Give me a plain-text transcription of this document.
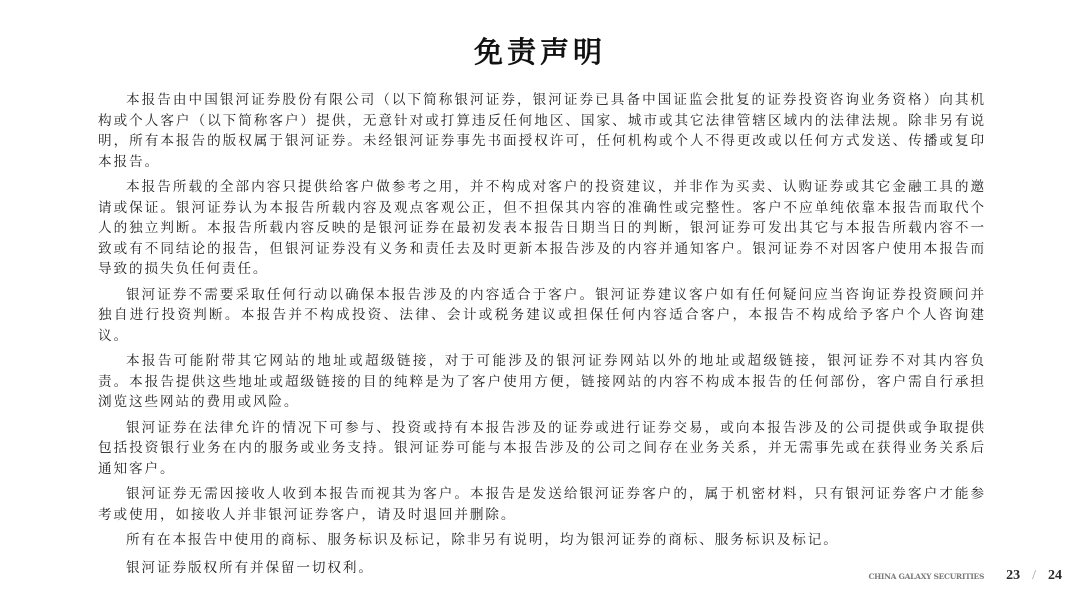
免责声明

本报告由中国银河证券股份有限公司（以下简称银河证券，银河证券已具备中国证监会批复的证券投资咨询业务资格）向其机构或个人客户（以下简称客户）提供，无意针对或打算违反任何地区、国家、城市或其它法律管辖区域内的法律法规。除非另有说明，所有本报告的版权属于银河证券。未经银河证券事先书面授权许可，任何机构或个人不得更改或以任何方式发送、传播或复印本报告。

本报告所载的全部内容只提供给客户做参考之用，并不构成对客户的投资建议，并非作为买卖、认购证券或其它金融工具的邀请或保证。银河证券认为本报告所载内容及观点客观公正，但不担保其内容的准确性或完整性。客户不应单纯依靠本报告而取代个人的独立判断。本报告所载内容反映的是银河证券在最初发表本报告日期当日的判断，银河证券可发出其它与本报告所载内容不一致或有不同结论的报告，但银河证券没有义务和责任去及时更新本报告涉及的内容并通知客户。银河证券不对因客户使用本报告而导致的损失负任何责任。

银河证券不需要采取任何行动以确保本报告涉及的内容适合于客户。银河证券建议客户如有任何疑问应当咨询证券投资顾问并独自进行投资判断。本报告并不构成投资、法律、会计或税务建议或担保任何内容适合客户，本报告不构成给予客户个人咨询建议。

本报告可能附带其它网站的地址或超级链接，对于可能涉及的银河证券网站以外的地址或超级链接，银河证券不对其内容负责。本报告提供这些地址或超级链接的目的纯粹是为了客户使用方便，链接网站的内容不构成本报告的任何部份，客户需自行承担浏览这些网站的费用或风险。

银河证券在法律允许的情况下可参与、投资或持有本报告涉及的证券或进行证券交易，或向本报告涉及的公司提供或争取提供包括投资银行业务在内的服务或业务支持。银河证券可能与本报告涉及的公司之间存在业务关系，并无需事先或在获得业务关系后通知客户。

银河证券无需因接收人收到本报告而视其为客户。本报告是发送给银河证券客户的，属于机密材料，只有银河证券客户才能参考或使用，如接收人并非银河证券客户，请及时退回并删除。

所有在本报告中使用的商标、服务标识及标记，除非另有说明，均为银河证券的商标、服务标识及标记。

银河证券版权所有并保留一切权利。

CHINA GALAXY SECURITIES 23 / 24
